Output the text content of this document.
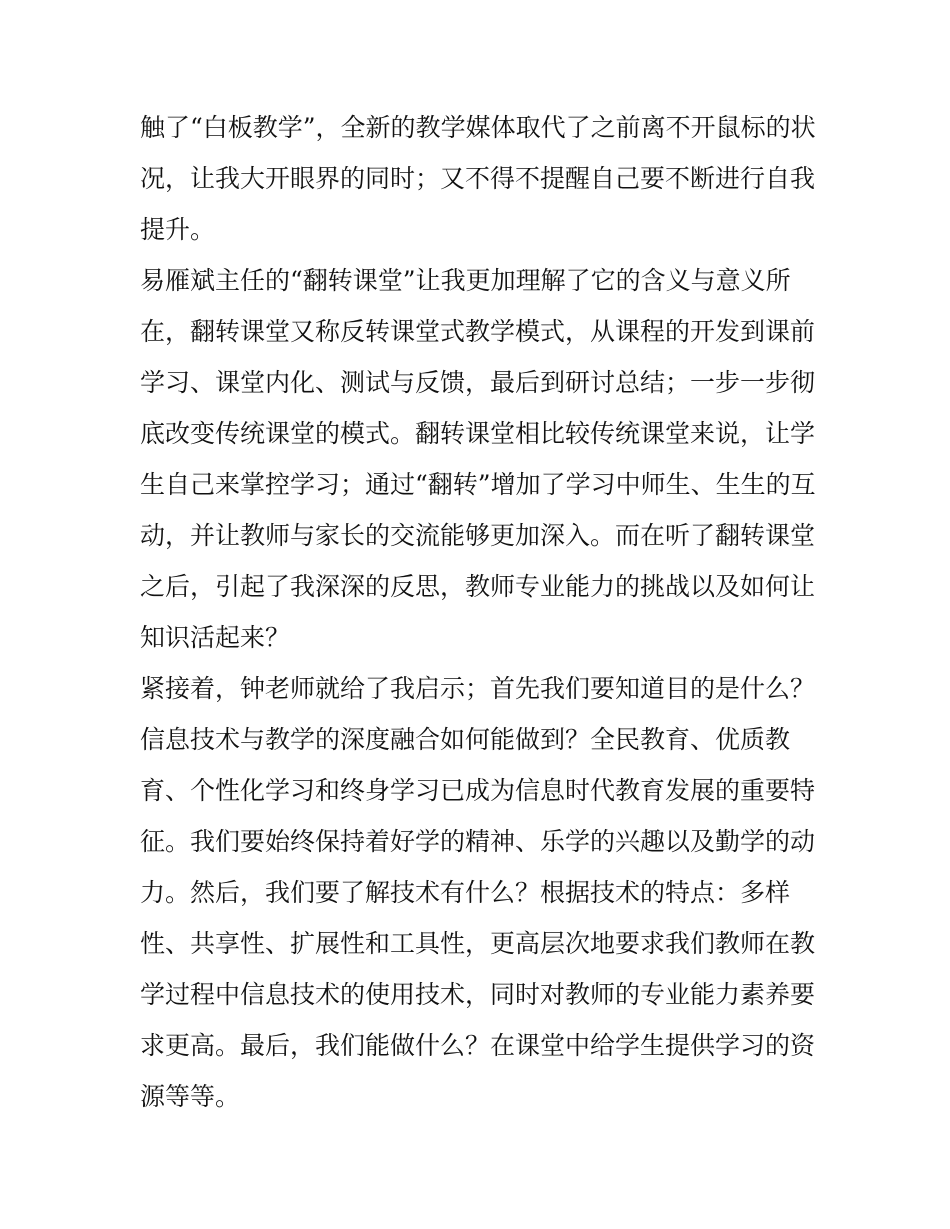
触了“白板教学”，全新的教学媒体取代了之前离不开鼠标的状
况，让我大开眼界的同时；又不得不提醒自己要不断进行自我
提升。
易雁斌主任的“翻转课堂”让我更加理解了它的含义与意义所
在，翻转课堂又称反转课堂式教学模式，从课程的开发到课前
学习、课堂内化、测试与反馈，最后到研讨总结；一步一步彻
底改变传统课堂的模式。翻转课堂相比较传统课堂来说，让学
生自己来掌控学习；通过“翻转”增加了学习中师生、生生的互
动，并让教师与家长的交流能够更加深入。而在听了翻转课堂
之后，引起了我深深的反思，教师专业能力的挑战以及如何让
知识活起来？
紧接着，钟老师就给了我启示；首先我们要知道目的是什么？
信息技术与教学的深度融合如何能做到？全民教育、优质教
育、个性化学习和终身学习已成为信息时代教育发展的重要特
征。我们要始终保持着好学的精神、乐学的兴趣以及勤学的动
力。然后，我们要了解技术有什么？根据技术的特点：多样
性、共享性、扩展性和工具性，更高层次地要求我们教师在教
学过程中信息技术的使用技术，同时对教师的专业能力素养要
求更高。最后，我们能做什么？在课堂中给学生提供学习的资
源等等。
